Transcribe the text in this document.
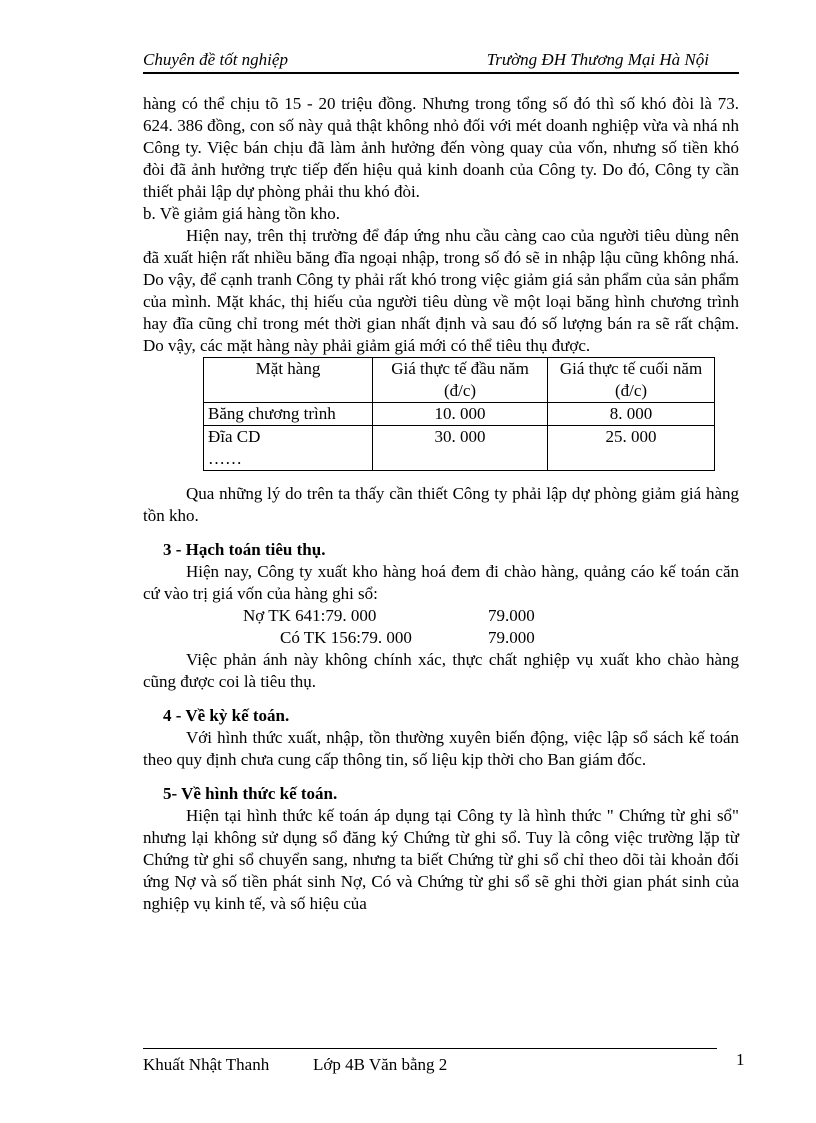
Chuyên đề tốt nghiệp	Trường ĐH Thương Mại Hà Nội

hàng có thể chịu tõ 15 - 20 triệu đồng. Nhưng trong tổng số đó thì số khó đòi là 73. 624. 386 đồng, con số này quả thật không nhỏ đối với mét doanh nghiệp vừa và nhá nh Công ty. Việc bán chịu đã làm ảnh hưởng đến vòng quay của vốn, nhưng số tiền khó đòi đã ảnh hưởng trực tiếp đến hiệu quả kinh doanh của Công ty. Do đó, Công ty cần thiết phải lập dự phòng phải thu khó đòi.

b. Về giảm giá hàng tồn kho.

Hiện nay, trên thị trường để đáp ứng nhu cầu càng cao của người tiêu dùng nên đã xuất hiện rất nhiều băng đĩa ngoại nhập, trong số đó sẽ in nhập lậu cũng không nhá. Do vậy, để cạnh tranh Công ty phải rất khó trong việc giảm giá sản phẩm của sản phẩm của mình. Mặt khác, thị hiếu của người tiêu dùng về một loại băng hình chương trình hay đĩa cũng chỉ trong mét thời gian nhất định và sau đó số lượng bán ra sẽ rất chậm. Do vậy, các mặt hàng này phải giảm giá mới có thể tiêu thụ được.

Mặt hàng	Giá thực tế đầu năm (đ/c)	Giá thực tế cuối năm (đ/c)
Băng chương trình	10. 000	8. 000
Đĩa CD	30. 000	25. 000
……		

Qua những lý do trên ta thấy cần thiết Công ty phải lập dự phòng giảm giá hàng tồn kho.

3 - Hạch toán tiêu thụ.

Hiện nay, Công ty xuất kho hàng hoá đem đi chào hàng, quảng cáo kế toán căn cứ vào trị giá vốn của hàng ghi sổ:

Nợ TK 641:79. 000	79.000
Có TK 156:79. 000	79.000

Việc phản ánh này không chính xác, thực chất nghiệp vụ xuất kho chào hàng cũng được coi là tiêu thụ.

4 - Về kỳ kế toán.

Với hình thức xuất, nhập, tồn thường xuyên biến động, việc lập sổ sách kế toán theo quy định chưa cung cấp thông tin, số liệu kịp thời cho Ban giám đốc.

5- Về hình thức kế toán.

Hiện tại hình thức kế toán áp dụng tại Công ty là hình thức " Chứng từ ghi sổ" nhưng lại không sử dụng sổ đăng ký Chứng từ ghi sổ. Tuy là công việc trường lặp từ Chứng từ ghi sổ chuyển sang, nhưng ta biết Chứng từ ghi sổ chỉ theo dõi tài khoản đối ứng Nợ và số tiền phát sinh Nợ, Có và Chứng từ ghi sổ sẽ ghi thời gian phát sinh của nghiệp vụ kinh tế, và số hiệu của

Khuất Nhật Thanh	Lớp 4B Văn bằng 2	1
